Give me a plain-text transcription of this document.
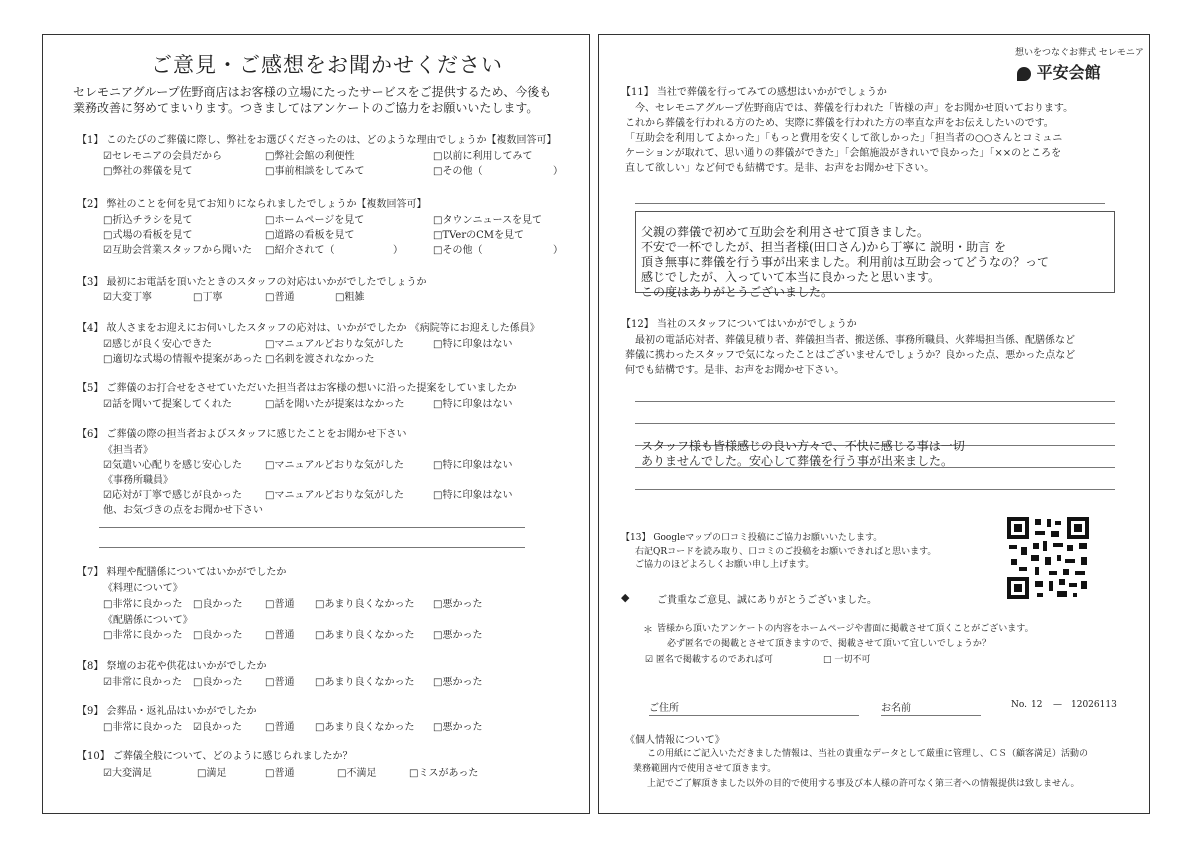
ご意見・ご感想をお聞かせください
セレモニアグループ佐野商店はお客様の立場にたったサービスをご提供するため、今後も
業務改善に努めてまいります。つきましてはアンケートのご協力をお願いいたします。
【1】 このたびのご葬儀に際し、弊社をお選びくださったのは、どのような理由でしょうか【複数回答可】
☑セレモニアの会員だから	□弊社会館の利便性	□以前に利用してみて
□弊社の葬儀を見て	□事前相談をしてみて	□その他（	）
【2】 弊社のことを何を見てお知りになられましたでしょうか【複数回答可】
□折込チラシを見て	□ホームページを見て	□タウンニュースを見て
□式場の看板を見て	□道路の看板を見て	□TVerのCMを見て
☑互助会営業スタッフから聞いた □紹介されて（	）	□その他（	）
【3】 最初にお電話を頂いたときのスタッフの対応はいかがでしたでしょうか
☑大変丁寧	□丁寧	□普通	□粗雑
【4】 故人さまをお迎えにお伺いしたスタッフの応対は、いかがでしたか 《病院等にお迎えした係員》
☑感じが良く安心できた	□マニュアルどおりな気がした	□特に印象はない
□適切な式場の情報や提案があった □名刺を渡されなかった
【5】 ご葬儀のお打合せをさせていただいた担当者はお客様の想いに沿った提案をしていましたか
☑話を聞いて提案してくれた	□話を聞いたが提案はなかった	□特に印象はない
【6】 ご葬儀の際の担当者およびスタッフに感じたことをお聞かせ下さい
《担当者》
☑気遣い心配りを感じ安心した □マニュアルどおりな気がした	□特に印象はない
《事務所職員》
☑応対が丁寧で感じが良かった □マニュアルどおりな気がした	□特に印象はない
他、お気づきの点をお聞かせ下さい
【7】 料理や配膳係についてはいかがでしたか
《料理について》
□非常に良かった □良かった □普通 □あまり良くなかった □悪かった
《配膳係について》
□非常に良かった □良かった □普通 □あまり良くなかった □悪かった
【8】 祭壇のお花や供花はいかがでしたか
☑非常に良かった □良かった □普通 □あまり良くなかった □悪かった
【9】 会葬品・返礼品はいかがでしたか
□非常に良かった ☑良かった □普通 □あまり良くなかった □悪かった
【10】 ご葬儀全般について、どのように感じられましたか？
☑大変満足	□満足	□普通	□不満足	□ミスがあった
想いをつなぐお葬式 セレモニア
平安会館
【11】 当社で葬儀を行ってみての感想はいかがでしょうか
今、セレモニアグループ佐野商店では、葬儀を行われた「皆様の声」をお聞かせ頂いております。
これから葬儀を行われる方のため、実際に葬儀を行われた方の率直な声をお伝えしたいのです。
「互助会を利用してよかった」「もっと費用を安くして欲しかった」「担当者の○○さんとコミュニ
ケーションが取れて、思い通りの葬儀ができた」「会館施設がきれいで良かった」「××のところを
直して欲しい」など何でも結構です。是非、お声をお聞かせ下さい。
父親の葬儀で初めて互助会を利用させて頂きました。
不安で一杯でしたが、担当者様(田口さん)から丁寧に 説明・助言 を
頂き無事に葬儀を行う事が出来ました。利用前は互助会ってどうなの？って
感じでしたが、入っていて本当に良かったと思います。
この度はありがとうございました。
【12】 当社のスタッフについてはいかがでしょうか
最初の電話応対者、葬儀見積り者、葬儀担当者、搬送係、事務所職員、火葬場担当係、配膳係など
葬儀に携わったスタッフで気になったことはございませんでしょうか？良かった点、悪かった点など
何でも結構です。是非、お声をお聞かせ下さい。
スタッフ様も皆様感じの良い方々で、不快に感じる事は一切
ありませんでした。安心して葬儀を行う事が出来ました。
【13】 Googleマップの口コミ投稿にご協力お願いいたします。
右記QRコードを読み取り、口コミのご投稿をお願いできればと思います。
ご協力のほどよろしくお願い申し上げます。
◆	ご貴重なご意見、誠にありがとうございました。
＊ 皆様から頂いたアンケートの内容をホームページや書面に掲載させて頂くことがございます。
必ず匿名での掲載とさせて頂きますので、掲載させて頂いて宜しいでしょうか？
☑ 匿名で掲載するのであれば可	□ 一切不可
ご住所	お名前	No. 12 — 12026113
《個人情報について》
この用紙にご記入いただきました情報は、当社の貴重なデータとして厳重に管理し、ＣＳ（顧客満足）活動の
業務範囲内で使用させて頂きます。
上記でご了解頂きました以外の目的で使用する事及び本人様の許可なく第三者への情報提供は致しません。
